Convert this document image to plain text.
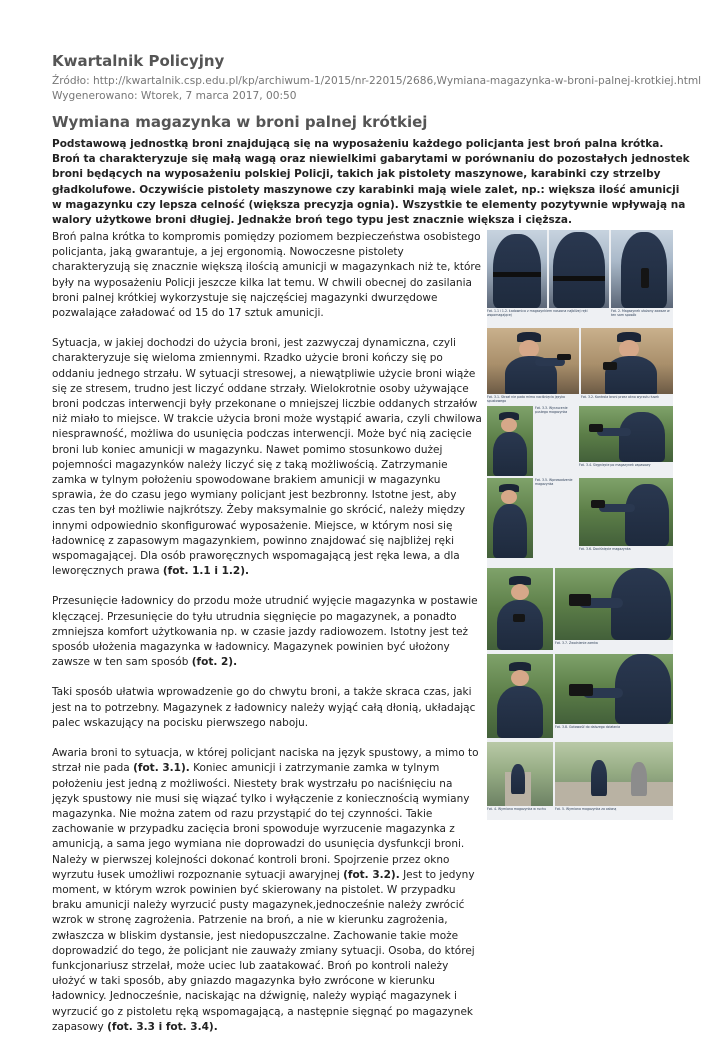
Kwartalnik Policyjny
Źródło: http://kwartalnik.csp.edu.pl/kp/archiwum-1/2015/nr-22015/2686,Wymiana-magazynka-w-broni-palnej-krotkiej.html
Wygenerowano: Wtorek, 7 marca 2017, 00:50
Wymiana magazynka w broni palnej krótkiej

Podstawową jednostką broni znajdującą się na wyposażeniu każdego policjanta jest broń palna krótka. Broń ta charakteryzuje się małą wagą oraz niewielkimi gabarytami w porównaniu do pozostałych jednostek broni będących na wyposażeniu polskiej Policji, takich jak pistolety maszynowe, karabinki czy strzelby gładkolufowe. Oczywiście pistolety maszynowe czy karabinki mają wiele zalet, np.: większa ilość amunicji w magazynku czy lepsza celność (większa precyzja ognia). Wszystkie te elementy pozytywnie wpływają na walory użytkowe broni długiej. Jednakże broń tego typu jest znacznie większa i cięższa.

Broń palna krótka to kompromis pomiędzy poziomem bezpieczeństwa osobistego policjanta, jaką gwarantuje, a jej ergonomią. Nowoczesne pistolety charakteryzują się znacznie większą ilością amunicji w magazynkach niż te, które były na wyposażeniu Policji jeszcze kilka lat temu. W chwili obecnej do zasilania broni palnej krótkiej wykorzystuje się najczęściej magazynki dwurzędowe pozwalające załadować od 15 do 17 sztuk amunicji.

Sytuacja, w jakiej dochodzi do użycia broni, jest zazwyczaj dynamiczna, czyli charakteryzuje się wieloma zmiennymi. Rzadko użycie broni kończy się po oddaniu jednego strzału. W sytuacji stresowej, a niewątpliwie użycie broni wiąże się ze stresem, trudno jest liczyć oddane strzały. Wielokrotnie osoby używające broni podczas interwencji były przekonane o mniejszej liczbie oddanych strzałów niż miało to miejsce. W trakcie użycia broni może wystąpić awaria, czyli chwilowa niesprawność, możliwa do usunięcia podczas interwencji. Może być nią zacięcie broni lub koniec amunicji w magazynku. Nawet pomimo stosunkowo dużej pojemności magazynków należy liczyć się z taką możliwością. Zatrzymanie zamka w tylnym położeniu spowodowane brakiem amunicji w magazynku sprawia, że do czasu jego wymiany policjant jest bezbronny. Istotne jest, aby czas ten był możliwie najkrótszy. Żeby maksymalnie go skrócić, należy między innymi odpowiednio skonfigurować wyposażenie. Miejsce, w którym nosi się ładownicę z zapasowym magazynkiem, powinno znajdować się najbliżej ręki wspomagającej. Dla osób praworęcznych wspomagającą jest ręka lewa, a dla leworęcznych prawa (fot. 1.1 i 1.2).

Przesunięcie ładownicy do przodu może utrudnić wyjęcie magazynka w postawie klęczącej. Przesunięcie do tyłu utrudnia sięgnięcie po magazynek, a ponadto zmniejsza komfort użytkowania np. w czasie jazdy radiowozem. Istotny jest też sposób ułożenia magazynka w ładownicy. Magazynek powinien być ułożony zawsze w ten sam sposób (fot. 2).

Taki sposób ułatwia wprowadzenie go do chwytu broni, a także skraca czas, jaki jest na to potrzebny. Magazynek z ładownicy należy wyjąć całą dłonią, układając palec wskazujący na pocisku pierwszego naboju.

Awaria broni to sytuacja, w której policjant naciska na język spustowy, a mimo to strzał nie pada (fot. 3.1). Koniec amunicji i zatrzymanie zamka w tylnym położeniu jest jedną z możliwości. Niestety brak wystrzału po naciśnięciu na język spustowy nie musi się wiązać tylko i wyłączenie z koniecznością wymiany magazynka. Nie można zatem od razu przystąpić do tej czynności. Takie zachowanie w przypadku zacięcia broni spowoduje wyrzucenie magazynka z amunicją, a sama jego wymiana nie doprowadzi do usunięcia dysfunkcji broni. Należy w pierwszej kolejności dokonać kontroli broni. Spojrzenie przez okno wyrzutu łusek umożliwi rozpoznanie sytuacji awaryjnej (fot. 3.2). Jest to jedyny moment, w którym wzrok powinien być skierowany na pistolet. W przypadku braku amunicji należy wyrzucić pusty magazynek,jednocześnie należy zwrócić wzrok w stronę zagrożenia. Patrzenie na broń, a nie w kierunku zagrożenia, zwłaszcza w bliskim dystansie, jest niedopuszczalne. Zachowanie takie może doprowadzić do tego, że policjant nie zauważy zmiany sytuacji. Osoba, do której funkcjonariusz strzelał, może uciec lub zaatakować. Broń po kontroli należy ułożyć w taki sposób, aby gniazdo magazynka było zwrócone w kierunku ładownicy. Jednocześnie, naciskając na dźwignię, należy wypiąć magazynek i wyrzucić go z pistoletu ręką wspomagającą, a następnie sięgnąć po magazynek zapasowy (fot. 3.3 i fot. 3.4).

Fot. 1.1 i 1.2. Ładownica z magazynkiem noszona najbliżej ręki wspomagającej
Fot. 2. Magazynek ułożony zawsze w ten sam sposób
Fot. 3.1. Strzał nie pada mimo naciśnięcia języka spustowego
Fot. 3.2. Kontrola broni przez okno wyrzutu łusek
Fot. 3.3. Wyrzucenie pustego magazynka
Fot. 3.4. Sięgnięcie po magazynek zapasowy
Fot. 3.5. Wprowadzenie magazynka
Fot. 3.6. Dociśnięcie magazynka
Fot. 3.7. Zwolnienie zamka
Fot. 3.8. Gotowość do dalszego działania
Fot. 4. Wymiana magazynka w ruchu	Fot. 5. Wymiana magazynka za osłoną
